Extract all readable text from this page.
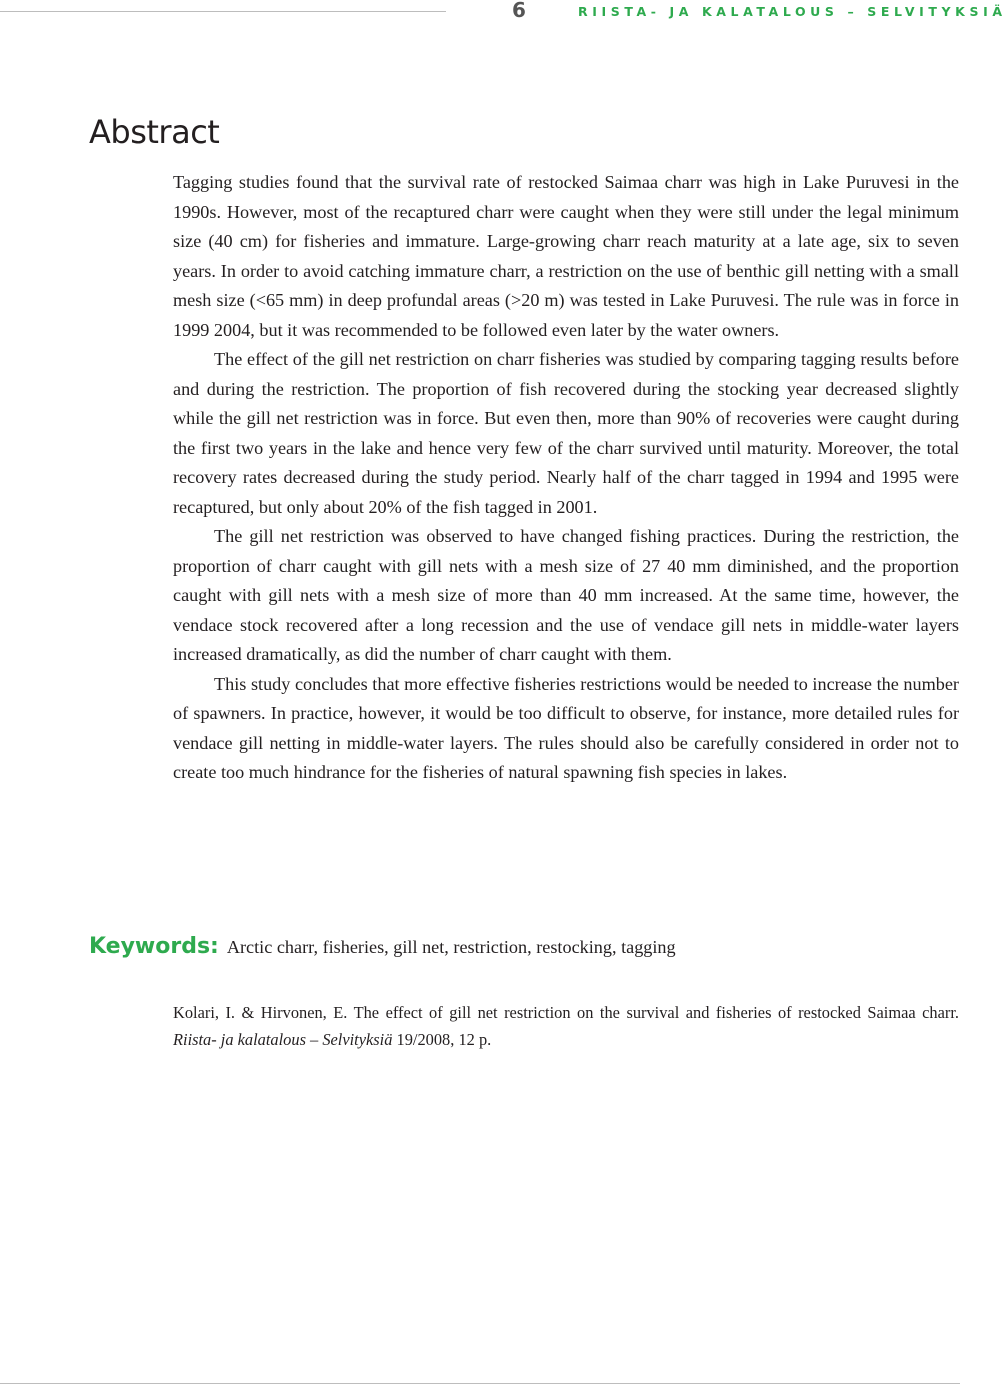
6	RIISTA- JA KALATALOUS – SELVITYKSIÄ
Abstract

Tagging studies found that the survival rate of restocked Saimaa charr was high in Lake Puruvesi in the 1990s. However, most of the recaptured charr were caught when they were still under the legal minimum size (40 cm) for fisheries and immature. Large-growing charr reach maturity at a late age, six to seven years. In order to avoid catching immature charr, a restriction on the use of benthic gill netting with a small mesh size (<65 mm) in deep profundal areas (>20 m) was tested in Lake Puruvesi. The rule was in force in 1999 2004, but it was recommended to be followed even later by the water owners.

The effect of the gill net restriction on charr fisheries was studied by comparing tagging results before and during the restriction. The proportion of fish recovered during the stocking year decreased slightly while the gill net restriction was in force. But even then, more than 90% of recoveries were caught during the first two years in the lake and hence very few of the charr survived until maturity. Moreover, the total recovery rates decreased during the study period. Nearly half of the charr tagged in 1994 and 1995 were recaptured, but only about 20% of the fish tagged in 2001.

The gill net restriction was observed to have changed fishing practices. During the restriction, the proportion of charr caught with gill nets with a mesh size of 27 40 mm diminished, and the proportion caught with gill nets with a mesh size of more than 40 mm increased. At the same time, however, the vendace stock recovered after a long recession and the use of vendace gill nets in middle-water layers increased dramatically, as did the number of charr caught with them.

This study concludes that more effective fisheries restrictions would be needed to increase the number of spawners. In practice, however, it would be too difficult to observe, for instance, more detailed rules for vendace gill netting in middle-water layers. The rules should also be carefully considered in order not to create too much hindrance for the fisheries of natural spawning fish species in lakes.

Keywords: Arctic charr, fisheries, gill net, restriction, restocking, tagging
Kolari, I. & Hirvonen, E. The effect of gill net restriction on the survival and fisheries of restocked Saimaa charr. Riista- ja kalatalous – Selvityksiä 19/2008, 12 p.
